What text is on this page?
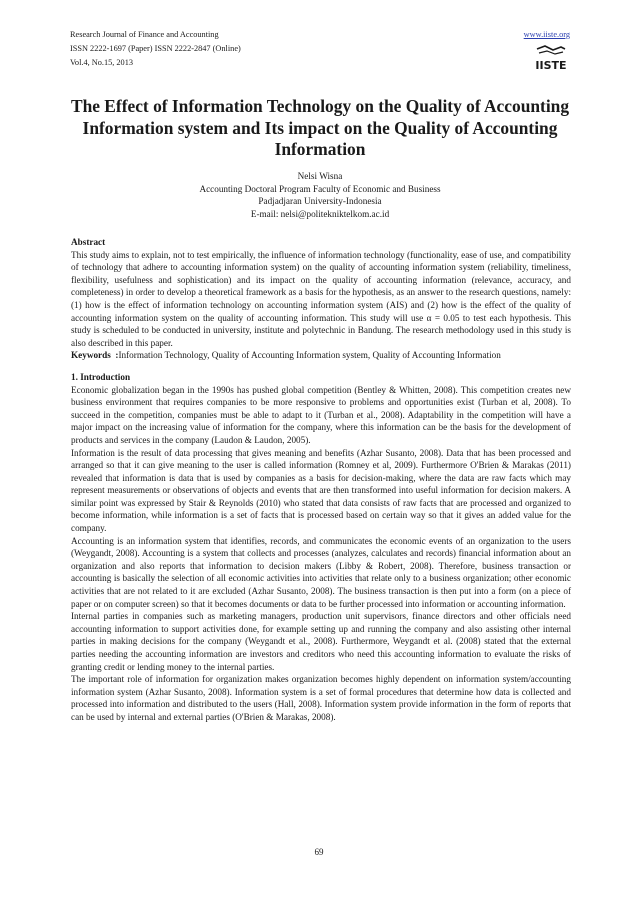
Research Journal of Finance and Accounting
ISSN 2222-1697 (Paper) ISSN 2222-2847 (Online)
Vol.4, No.15, 2013
www.iiste.org
IISTE
The Effect of Information Technology on the Quality of Accounting Information system and Its impact on the Quality of Accounting Information
Nelsi Wisna
Accounting Doctoral Program Faculty of Economic and Business
Padjadjaran University-Indonesia
E-mail: nelsi@politekniktelkom.ac.id

Abstract

This study aims to explain, not to test empirically, the influence of information technology (functionality, ease of use, and compatibility of technology that adhere to accounting information system) on the quality of accounting information system (reliability, timeliness, flexibility, usefulness and sophistication) and its impact on the quality of accounting information (relevance, accuracy, and completeness) in order to develop a theoretical framework as a basis for the hypothesis, as an answer to the research questions, namely: (1) how is the effect of information technology on accounting information system (AIS) and (2) how is the effect of the quality of accounting information system on the quality of accounting information. This study will use α = 0.05 to test each hypothesis. This study is scheduled to be conducted in university, institute and polytechnic in Bandung. The research methodology used in this study is also described in this paper.

Keywords  : Information Technology, Quality of Accounting Information system, Quality of Accounting Information

1. Introduction

Economic globalization began in the 1990s has pushed global competition (Bentley & Whitten, 2008). This competition creates new business environment that requires companies to be more responsive to problems and opportunities exist (Turban et al, 2008). To succeed in the competition, companies must be able to adapt to it (Turban et al., 2008). Adaptability in the competition will have a major impact on the increasing value of information for the company, where this information can be the basis for the development of products and services in the company (Laudon & Laudon, 2005).

Information is the result of data processing that gives meaning and benefits (Azhar Susanto, 2008). Data that has been processed and arranged so that it can give meaning to the user is called information (Romney et al, 2009). Furthermore O'Brien & Marakas (2011) revealed that information is data that is used by companies as a basis for decision-making, where the data are raw facts which may represent measurements or observations of objects and events that are then transformed into useful information for decision makers. A similar point was expressed by Stair & Reynolds (2010) who stated that data consists of raw facts that are processed and organized to become information, while information is a set of facts that is processed based on certain way so that it gives an added value for the company.

Accounting is an information system that identifies, records, and communicates the economic events of an organization to the users (Weygandt, 2008). Accounting is a system that collects and processes (analyzes, calculates and records) financial information about an organization and also reports that information to decision makers (Libby & Robert, 2008). Therefore, business transaction or accounting is basically the selection of all economic activities into activities that relate only to a business organization; other economic activities that are not related to it are excluded (Azhar Susanto, 2008). The business transaction is then put into a form (on a piece of paper or on computer screen) so that it becomes documents or data to be further processed into information or accounting information.

Internal parties in companies such as marketing managers, production unit supervisors, finance directors and other officials need accounting information to support activities done, for example setting up and running the company and also assisting other internal parties in making decisions for the company (Weygandt et al., 2008). Furthermore, Weygandt et al. (2008) stated that the external parties needing the accounting information are investors and creditors who need this accounting information to evaluate the risks of granting credit or lending money to the internal parties.

The important role of information for organization makes organization becomes highly dependent on information system/accounting information system (Azhar Susanto, 2008). Information system is a set of formal procedures that determine how data is collected and processed into information and distributed to the users (Hall, 2008). Information system provide information in the form of reports that can be used by internal and external parties (O'Brien & Marakas, 2008).

69
